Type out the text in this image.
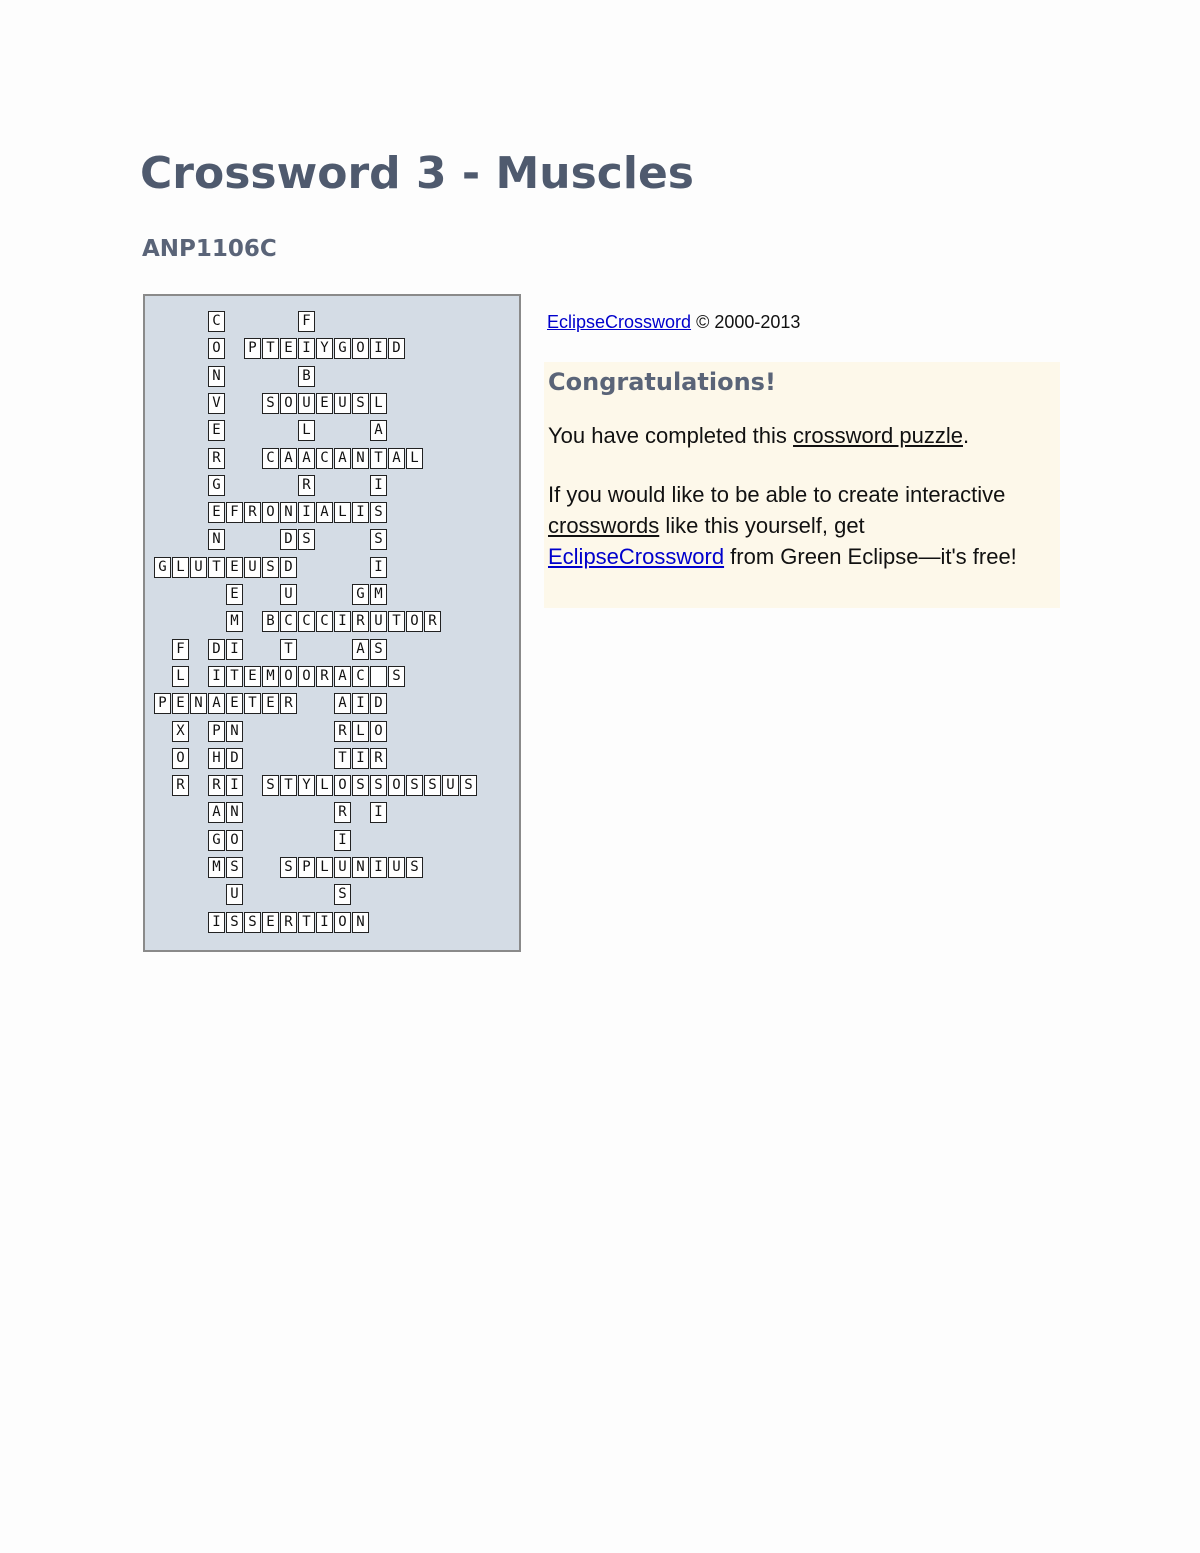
Crossword 3 - Muscles
ANP1106C
C
O
N
V
E
R
G
E
N
T
F
I
B
U
L
A
R
I
S
P T E	Y G O I D
L
A
T
I
S
S
I
M
U
S
D
O
R
S
I
S O	E U S
C A	C A N	A L
F R O N	A L I
D
D
U
C
T
O
R
G L U	E U S
E
M
I
T
E
N
D
I
N
O
S
U
S
G
R
A
C
I
L
I
S
B	C C I	T O R
F
L
E
X
O
R
D
I
A
P
H
R
A
G
M
E M	O R A	S
A
R
T
O
R
I
U
S
P	N	T E
S T Y L	O S S U S
S P L	N I U S
I	S E R T I O N
EclipseCrossword © 2000-2013
Congratulations!

You have completed this crossword puzzle.

If you would like to be able to create interactive crosswords like this yourself, get EclipseCrossword from Green Eclipse—it's free!
